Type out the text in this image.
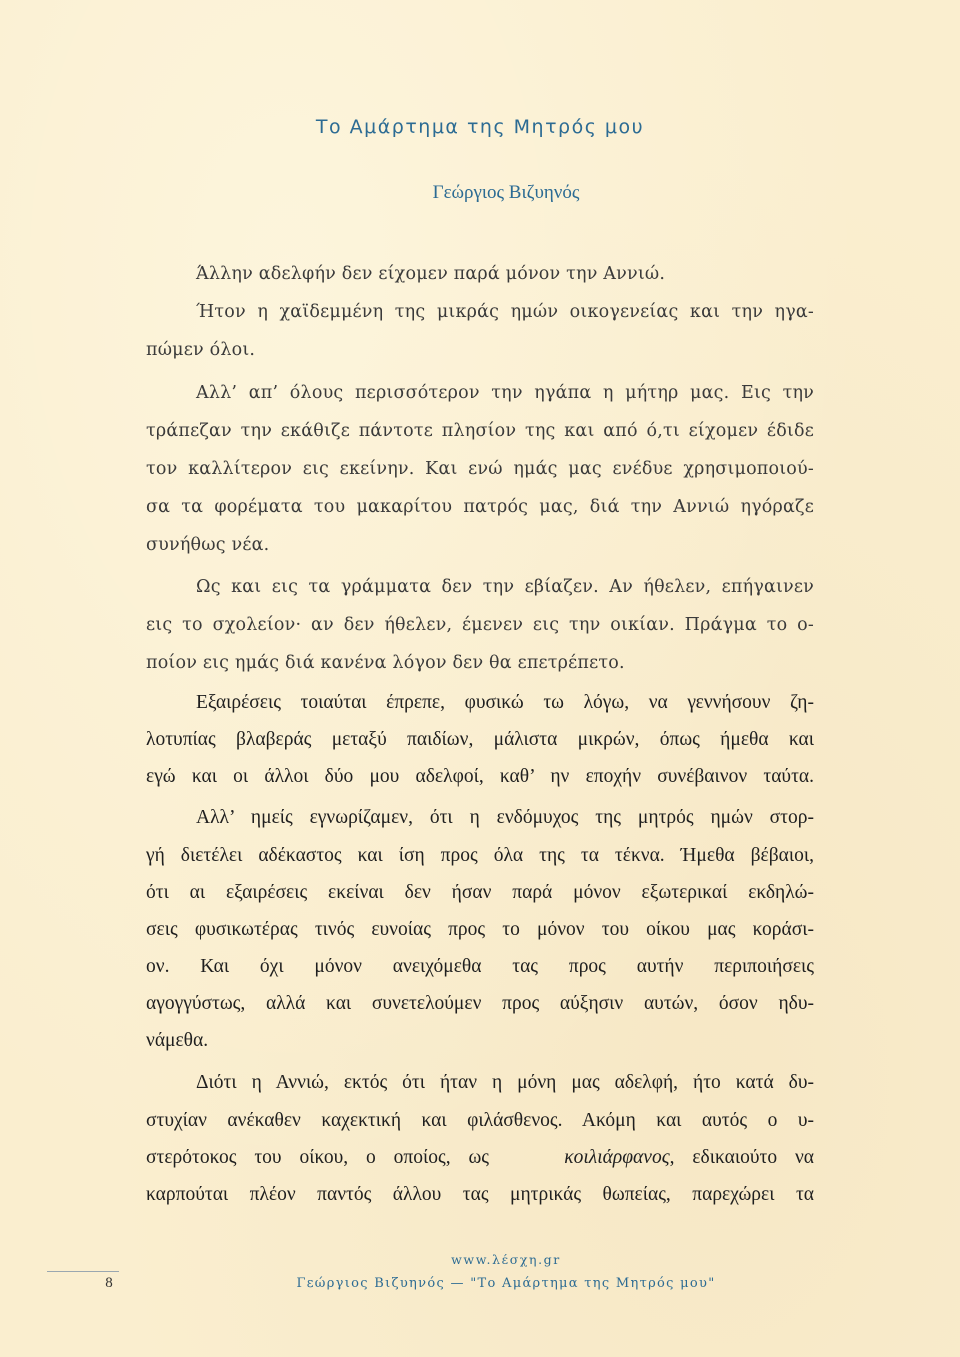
Το Αμάρτημα της Μητρός μου
Γεώργιος Βιζυηνός
Άλλην αδελφήν δεν είχομεν παρά μόνον την Αννιώ.
Ήτον η χαϊδεμμένη της μικράς ημών οικογενείας και την ηγα-
πώμεν όλοι.
Αλλ’ απ’ όλους περισσότερον την ηγάπα η μήτηρ μας. Εις την
τράπεζαν την εκάθιζε πάντοτε πλησίον της και από ό,τι είχομεν έδιδε
τον καλλίτερον εις εκείνην. Και ενώ ημάς μας ενέδυε χρησιμοποιού-
σα τα φορέματα του μακαρίτου πατρός μας, διά την Αννιώ ηγόραζε
συνήθως νέα.
Ως και εις τα γράμματα δεν την εβίαζεν. Αν ήθελεν, επήγαινεν
εις το σχολείον· αν δεν ήθελεν, έμενεν εις την οικίαν. Πράγμα το ο-
ποίον εις ημάς διά κανένα λόγον δεν θα επετρέπετο.
Εξαιρέσεις τοιαύται έπρεπε, φυσικώ τω λόγω, να γεννήσουν ζη-
λοτυπίας βλαβεράς μεταξύ παιδίων, μάλιστα μικρών, όπως ήμεθα και
εγώ και οι άλλοι δύο μου αδελφοί, καθ’ ην εποχήν συνέβαινον ταύτα.
Αλλ’ ημείς εγνωρίζαμεν, ότι η ενδόμυχος της μητρός ημών στορ-
γή διετέλει αδέκαστος και ίση προς όλα της τα τέκνα. Ήμεθα βέβαιοι,
ότι αι εξαιρέσεις εκείναι δεν ήσαν παρά μόνον εξωτερικαί εκδηλώ-
σεις φυσικωτέρας τινός ευνοίας προς το μόνον του οίκου μας κοράσι-
ον. Και όχι μόνον ανειχόμεθα τας προς αυτήν περιποιήσεις
αγογγύστως, αλλά και συνετελούμεν προς αύξησιν αυτών, όσον ηδυ-
νάμεθα.
Διότι η Αννιώ, εκτός ότι ήταν η μόνη μας αδελφή, ήτο κατά δυ-
στυχίαν ανέκαθεν καχεκτική και φιλάσθενος. Ακόμη και αυτός ο υ-
στερότοκος του οίκου, ο οποίος, ως	κοιλιάρφανος , εδικαιούτο να
καρπούται πλέον παντός άλλου τας μητρικάς θωπείας, παρεχώρει τα
www.λέσχη.gr
8	Γεώργιος Βιζυηνός — "Το Αμάρτημα της Μητρός μου"
